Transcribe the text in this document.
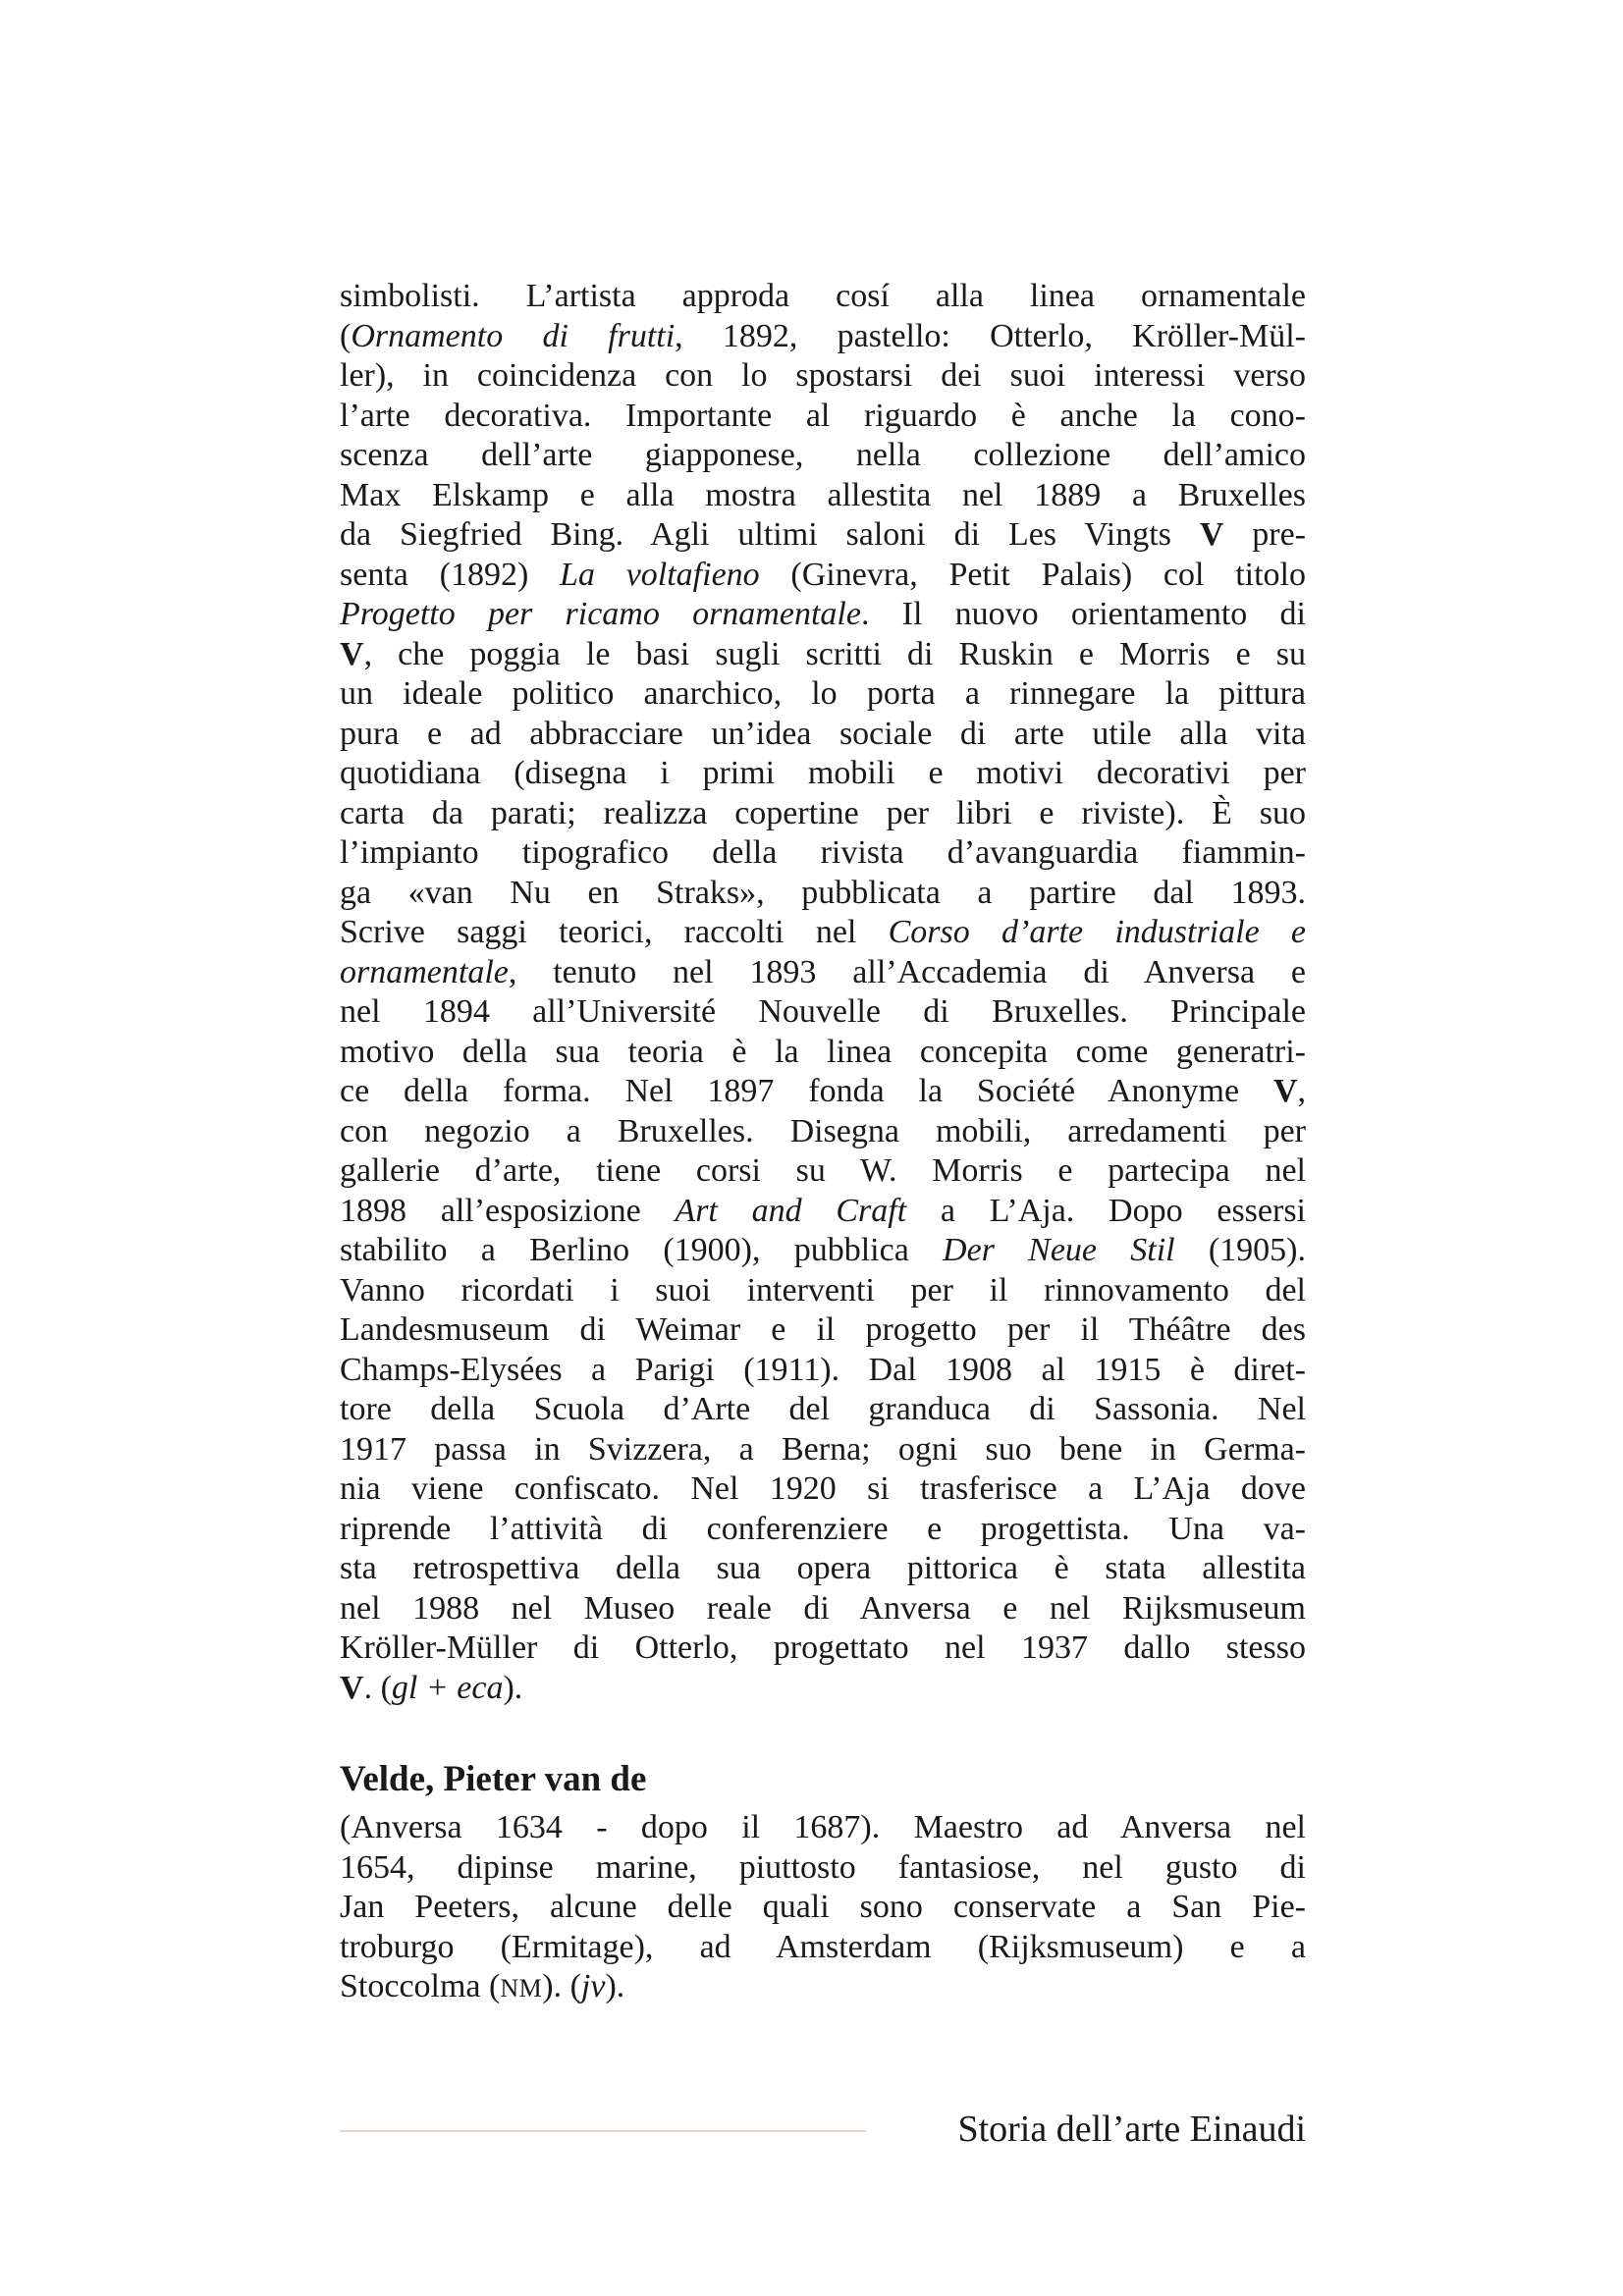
simbolisti. L’artista approda cosí alla linea ornamentale
(Ornamento di frutti, 1892, pastello: Otterlo, Kröller-Mül-
ler), in coincidenza con lo spostarsi dei suoi interessi verso
l’arte decorativa. Importante al riguardo è anche la cono-
scenza dell’arte giapponese, nella collezione dell’amico
Max Elskamp e alla mostra allestita nel 1889 a Bruxelles
da Siegfried Bing. Agli ultimi saloni di Les Vingts V pre-
senta (1892) La voltafieno (Ginevra, Petit Palais) col titolo
Progetto per ricamo ornamentale. Il nuovo orientamento di
V, che poggia le basi sugli scritti di Ruskin e Morris e su
un ideale politico anarchico, lo porta a rinnegare la pittura
pura e ad abbracciare un’idea sociale di arte utile alla vita
quotidiana (disegna i primi mobili e motivi decorativi per
carta da parati; realizza copertine per libri e riviste). È suo
l’impianto tipografico della rivista d’avanguardia fiammin-
ga «van Nu en Straks», pubblicata a partire dal 1893.
Scrive saggi teorici, raccolti nel Corso d’arte industriale e
ornamentale, tenuto nel 1893 all’Accademia di Anversa e
nel 1894 all’Université Nouvelle di Bruxelles. Principale
motivo della sua teoria è la linea concepita come generatri-
ce della forma. Nel 1897 fonda la Société Anonyme V,
con negozio a Bruxelles. Disegna mobili, arredamenti per
gallerie d’arte, tiene corsi su W. Morris e partecipa nel
1898 all’esposizione Art and Craft a L’Aja. Dopo essersi
stabilito a Berlino (1900), pubblica Der Neue Stil (1905).
Vanno ricordati i suoi interventi per il rinnovamento del
Landesmuseum di Weimar e il progetto per il Théâtre des
Champs-Elysées a Parigi (1911). Dal 1908 al 1915 è diret-
tore della Scuola d’Arte del granduca di Sassonia. Nel
1917 passa in Svizzera, a Berna; ogni suo bene in Germa-
nia viene confiscato. Nel 1920 si trasferisce a L’Aja dove
riprende l’attività di conferenziere e progettista. Una va-
sta retrospettiva della sua opera pittorica è stata allestita
nel 1988 nel Museo reale di Anversa e nel Rijksmuseum
Kröller-Müller di Otterlo, progettato nel 1937 dallo stesso
V. (gl + eca).
Velde, Pieter van de
(Anversa 1634 - dopo il 1687). Maestro ad Anversa nel
1654, dipinse marine, piuttosto fantasiose, nel gusto di
Jan Peeters, alcune delle quali sono conservate a San Pie-
troburgo (Ermitage), ad Amsterdam (Rijksmuseum) e a
Stoccolma (NM). (jv).
Storia dell’arte Einaudi
